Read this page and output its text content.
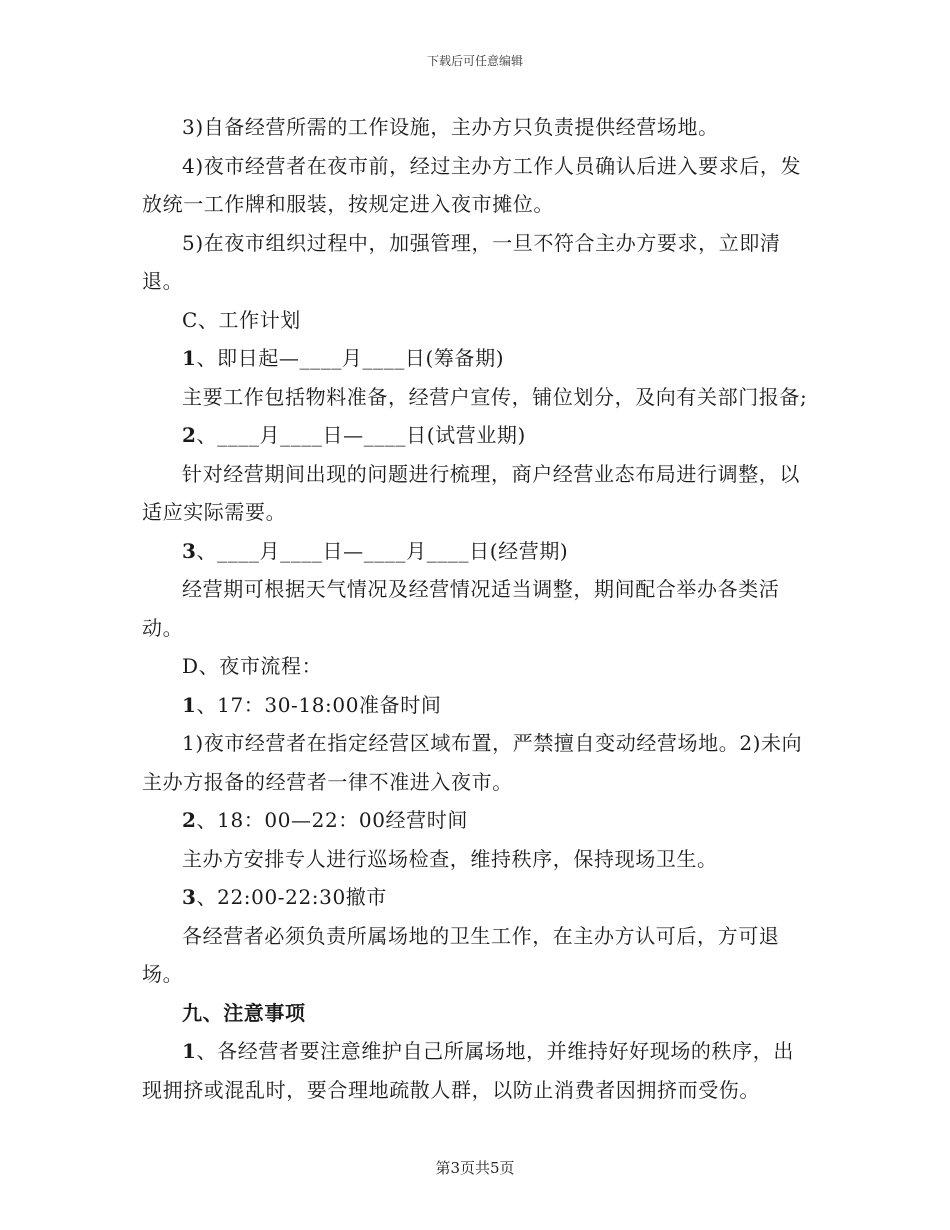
下载后可任意编辑

3)自备经营所需的工作设施，主办方只负责提供经营场地。

4)夜市经营者在夜市前，经过主办方工作人员确认后进入要求后，发放统一工作牌和服装，按规定进入夜市摊位。

5)在夜市组织过程中，加强管理，一旦不符合主办方要求，立即清退。

C、工作计划

1、即日起—____月____日(筹备期)

主要工作包括物料准备，经营户宣传，铺位划分，及向有关部门报备;

2、____月____日—____日(试营业期)

针对经营期间出现的问题进行梳理，商户经营业态布局进行调整，以适应实际需要。

3、____月____日—____月____日(经营期)

经营期可根据天气情况及经营情况适当调整，期间配合举办各类活动。

D、夜市流程：

1、17：30-18:00准备时间

1)夜市经营者在指定经营区域布置，严禁擅自变动经营场地。2)未向主办方报备的经营者一律不准进入夜市。

2、18：00—22：00经营时间

主办方安排专人进行巡场检查，维持秩序，保持现场卫生。

3、22:00-22:30撤市

各经营者必须负责所属场地的卫生工作，在主办方认可后，方可退场。

九、注意事项

1、各经营者要注意维护自己所属场地，并维持好好现场的秩序，出现拥挤或混乱时，要合理地疏散人群，以防止消费者因拥挤而受伤。

第3页共5页
